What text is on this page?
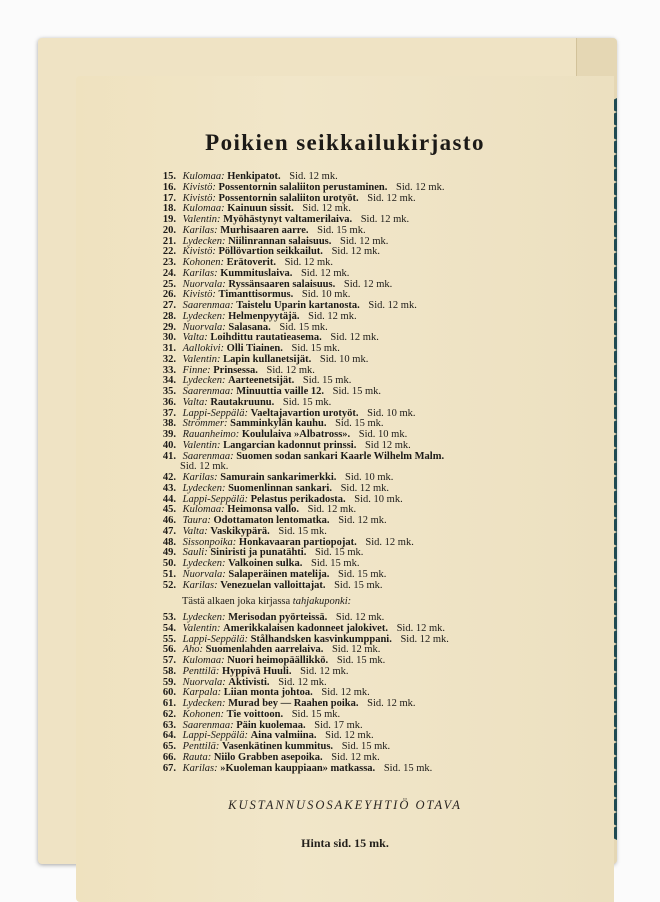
Poikien seikkailukirjasto
15. Kulomaa: Henkipatot. Sid. 12 mk.
16. Kivistö: Possentornin salaliiton perustaminen. Sid. 12 mk.
17. Kivistö: Possentornin salaliiton urotyöt. Sid. 12 mk.
18. Kulomaa: Kainuun sissit. Sid. 12 mk.
19. Valentin: Myöhästynyt valtamerilaiva. Sid. 12 mk.
20. Karilas: Murhisaaren aarre. Sid. 15 mk.
21. Lydecken: Niilinrannan salaisuus. Sid. 12 mk.
22. Kivistö: Pöllövartion seikkailut. Sid. 12 mk.
23. Kohonen: Erätoverit. Sid. 12 mk.
24. Karilas: Kummituslaiva. Sid. 12 mk.
25. Nuorvala: Ryssänsaaren salaisuus. Sid. 12 mk.
26. Kivistö: Timanttisormus. Sid. 10 mk.
27. Saarenmaa: Taistelu Uparin kartanosta. Sid. 12 mk.
28. Lydecken: Helmenpyytäjä. Sid. 12 mk.
29. Nuorvala: Salasana. Sid. 15 mk.
30. Valta: Loihdittu rautatieasema. Sid. 12 mk.
31. Aallokivi: Olli Tiainen. Sid. 15 mk.
32. Valentin: Lapin kullanetsijät. Sid. 10 mk.
33. Finne: Prinsessa. Sid. 12 mk.
34. Lydecken: Aarteenetsijät. Sid. 15 mk.
35. Saarenmaa: Minuuttia vaille 12. Sid. 15 mk.
36. Valta: Rautakruunu. Sid. 15 mk.
37. Lappi-Seppälä: Vaeltajavartion urotyöt. Sid. 10 mk.
38. Strömmer: Samminkylän kauhu. Sid. 15 mk.
39. Rauanheimo: Koululaiva »Albatross». Sid. 10 mk.
40. Valentin: Langarcian kadonnut prinssi. Sid 12 mk.
41. Saarenmaa: Suomen sodan sankari Kaarle Wilhelm Malm.
Sid. 12 mk.
42. Karilas: Samurain sankarimerkki. Sid. 10 mk.
43. Lydecken: Suomenlinnan sankari. Sid. 12 mk.
44. Lappi-Seppälä: Pelastus perikadosta. Sid. 10 mk.
45. Kulomaa: Heimonsa vallo. Sid. 12 mk.
46. Taura: Odottamaton lentomatka. Sid. 12 mk.
47. Valta: Vaskikypärä. Sid. 15 mk.
48. Sissonpoika: Honkavaaran partiopojat. Sid. 12 mk.
49. Sauli: Siniristi ja punatähti. Sid. 15 mk.
50. Lydecken: Valkoinen sulka. Sid. 15 mk.
51. Nuorvala: Salaperäinen matelija. Sid. 15 mk.
52. Karilas: Venezuelan valloittajat. Sid. 15 mk.
Tästä alkaen joka kirjassa tahjakuponki:
53. Lydecken: Merisodan pyörteissä. Sid. 12 mk.
54. Valentin: Amerikkalaisen kadonneet jalokivet. Sid. 12 mk.
55. Lappi-Seppälä: Stålhandsken kasvinkumppani. Sid. 12 mk.
56. Aho: Suomenlahden aarrelaiva. Sid. 12 mk.
57. Kulomaa: Nuori heimopäällikkö. Sid. 15 mk.
58. Penttilä: Hyppivä Huuli. Sid. 12 mk.
59. Nuorvala: Aktivisti. Sid. 12 mk.
60. Karpala: Liian monta johtoa. Sid. 12 mk.
61. Lydecken: Murad bey — Raahen poika. Sid. 12 mk.
62. Kohonen: Tie voittoon. Sid. 15 mk.
63. Saarenmaa: Päin kuolemaa. Sid. 17 mk.
64. Lappi-Seppälä: Aina valmiina. Sid. 12 mk.
65. Penttilä: Vasenkätinen kummitus. Sid. 15 mk.
66. Rauta: Niilo Grabben asepoika. Sid. 12 mk.
67. Karilas: »Kuoleman kauppiaan» matkassa. Sid. 15 mk.
KUSTANNUSOSAKEYHTIÖ OTAVA
Hinta sid. 15 mk.
